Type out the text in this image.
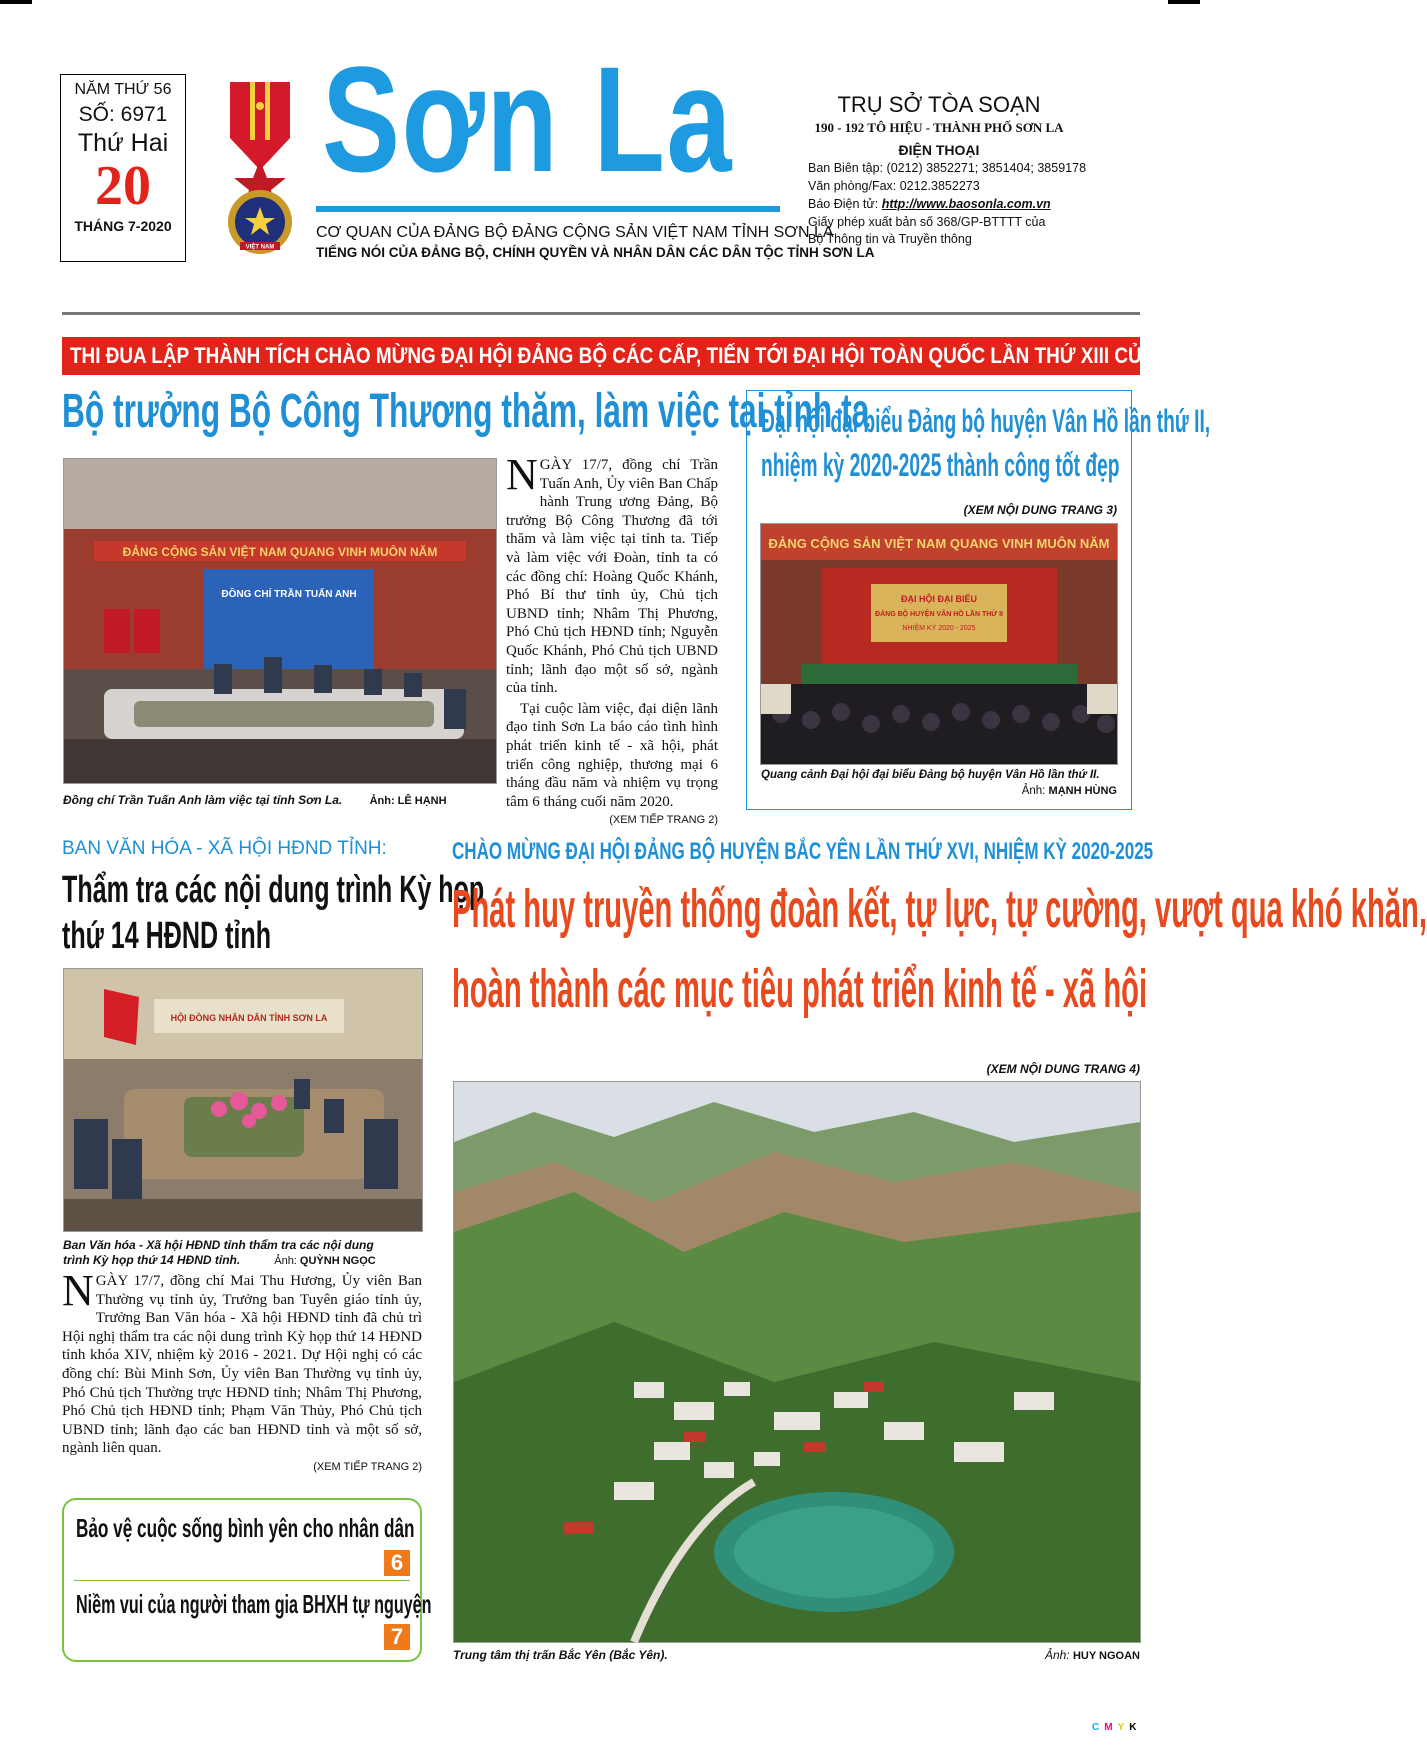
NĂM THỨ 56
SỐ: 6971
Thứ Hai
20
THÁNG 7-2020
VIỆT NAM
Sơn La
CƠ QUAN CỦA ĐẢNG BỘ ĐẢNG CỘNG SẢN VIỆT NAM TỈNH SƠN LA
TIẾNG NÓI CỦA ĐẢNG BỘ, CHÍNH QUYỀN VÀ NHÂN DÂN CÁC DÂN TỘC TỈNH SƠN LA
TRỤ SỞ TÒA SOẠN
190 - 192 TÔ HIỆU - THÀNH PHỐ SƠN LA
ĐIỆN THOẠI
Ban Biên tập: (0212) 3852271; 3851404; 3859178
Văn phòng/Fax: 0212.3852273
Báo Điện tử: http://www.baosonla.com.vn
Giấy phép xuất bản số 368/GP-BTTTT của
Bộ Thông tin và Truyền thông
THI ĐUA LẬP THÀNH TÍCH CHÀO MỪNG ĐẠI HỘI ĐẢNG BỘ CÁC CẤP, TIẾN TỚI ĐẠI HỘI TOÀN QUỐC LẦN THỨ XIII CỦA ĐẢNG
Bộ trưởng Bộ Công Thương thăm, làm việc tại tỉnh ta
ĐẢNG CỘNG SẢN VIỆT NAM QUANG VINH MUÔN NĂM
ĐỒNG CHÍ TRẦN TUẤN ANH
Đồng chí Trần Tuấn Anh làm việc tại tỉnh Sơn La. Ảnh: LÊ HẠNH
NGÀY 17/7, đồng chí Trần Tuấn Anh, Ủy viên Ban Chấp hành Trung ương Đảng, Bộ trưởng Bộ Công Thương đã tới thăm và làm việc tại tỉnh ta. Tiếp và làm việc với Đoàn, tỉnh ta có các đồng chí: Hoàng Quốc Khánh, Phó Bí thư tỉnh ủy, Chủ tịch UBND tỉnh; Nhâm Thị Phương, Phó Chủ tịch HĐND tỉnh; Nguyễn Quốc Khánh, Phó Chủ tịch UBND tỉnh; lãnh đạo một số sở, ngành của tỉnh.
Tại cuộc làm việc, đại diện lãnh đạo tỉnh Sơn La báo cáo tình hình phát triển kinh tế - xã hội, phát triển công nghiệp, thương mại 6 tháng đầu năm và nhiệm vụ trọng tâm 6 tháng cuối năm 2020.
(XEM TIẾP TRANG 2)
Đại hội đại biểu Đảng bộ huyện Vân Hồ lần thứ II,
nhiệm kỳ 2020-2025 thành công tốt đẹp
(XEM NỘI DUNG TRANG 3)
ĐẢNG CỘNG SẢN VIỆT NAM QUANG VINH MUÔN NĂM
ĐẠI HỘI ĐẠI BIỂU
ĐẢNG BỘ HUYỆN VÂN HỒ LẦN THỨ II
NHIỆM KỲ 2020 - 2025
Quang cảnh Đại hội đại biểu Đảng bộ huyện Vân Hồ lần thứ II.
Ảnh: MẠNH HÙNG
BAN VĂN HÓA - XÃ HỘI HĐND TỈNH:
Thẩm tra các nội dung trình Kỳ họp
thứ 14 HĐND tỉnh
HỘI ĐỒNG NHÂN DÂN TỈNH SƠN LA
Ban Văn hóa - Xã hội HĐND tỉnh thẩm tra các nội dung
trình Kỳ họp thứ 14 HĐND tỉnh.	Ảnh: QUỲNH NGỌC
NGÀY 17/7, đồng chí Mai Thu Hương, Ủy viên Ban Thường vụ tỉnh ủy, Trưởng ban Tuyên giáo tỉnh ủy, Trưởng Ban Văn hóa - Xã hội HĐND tỉnh đã chủ trì Hội nghị thẩm tra các nội dung trình Kỳ họp thứ 14 HĐND tỉnh khóa XIV, nhiệm kỳ 2016 - 2021. Dự Hội nghị có các đồng chí: Bùi Minh Sơn, Ủy viên Ban Thường vụ tỉnh ủy, Phó Chủ tịch Thường trực HĐND tỉnh; Nhâm Thị Phương, Phó Chủ tịch HĐND tỉnh; Phạm Văn Thủy, Phó Chủ tịch UBND tỉnh; lãnh đạo các ban HĐND tỉnh và một số sở, ngành liên quan.
(XEM TIẾP TRANG 2)
Bảo vệ cuộc sống bình yên cho nhân dân
6
Niềm vui của người tham gia BHXH tự nguyện
7
CHÀO MỪNG ĐẠI HỘI ĐẢNG BỘ HUYỆN BẮC YÊN LẦN THỨ XVI, NHIỆM KỲ 2020-2025
Phát huy truyền thống đoàn kết, tự lực, tự cường, vượt qua khó khăn,
hoàn thành các mục tiêu phát triển kinh tế - xã hội
(XEM NỘI DUNG TRANG 4)
Trung tâm thị trấn Bắc Yên (Bắc Yên).	Ảnh: HUY NGOAN
CMYK
